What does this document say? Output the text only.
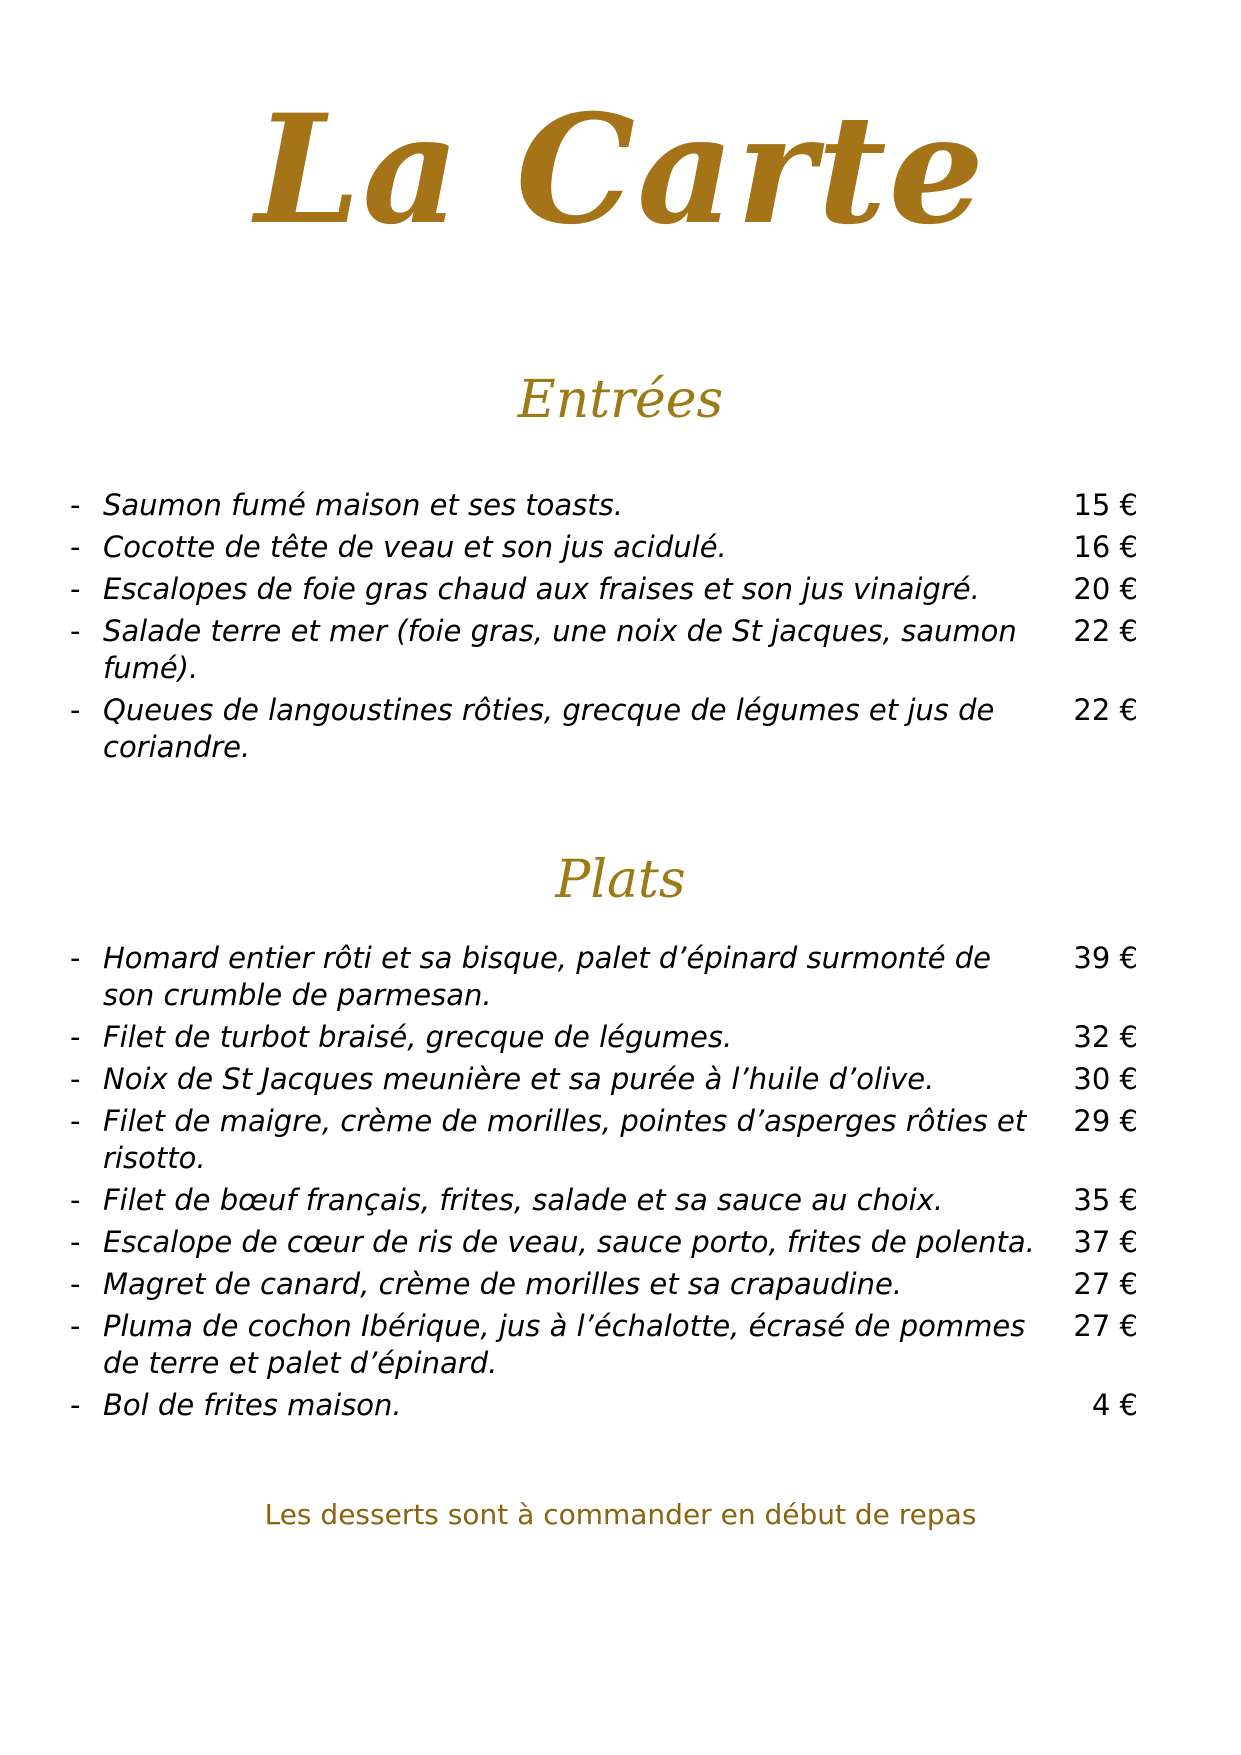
La Carte
Entrées
- Saumon fumé maison et ses toasts.	15 €
- Cocotte de tête de veau et son jus acidulé.	16 €
- Escalopes de foie gras chaud aux fraises et son jus vinaigré.	20 €
- Salade terre et mer (foie gras, une noix de St jacques, saumon fumé).
22 €
- Queues de langoustines rôties, grecque de légumes et jus de coriandre.
22 €
Plats
- Homard entier rôti et sa bisque, palet d’épinard surmonté de son crumble de parmesan.
39 €
- Filet de turbot braisé, grecque de légumes.	32 €
- Noix de St Jacques meunière et sa purée à l’huile d’olive.	30 €
- Filet de maigre, crème de morilles, pointes d’asperges rôties et risotto.
29 €
- Filet de bœuf français, frites, salade et sa sauce au choix.	35 €
- Escalope de cœur de ris de veau, sauce porto, frites de polenta.	37 €
- Magret de canard, crème de morilles et sa crapaudine.	27 €
- Pluma de cochon Ibérique, jus à l’échalotte, écrasé de pommes de terre et palet d’épinard.
27 €
- Bol de frites maison.	4 €
Les desserts sont à commander en début de repas
